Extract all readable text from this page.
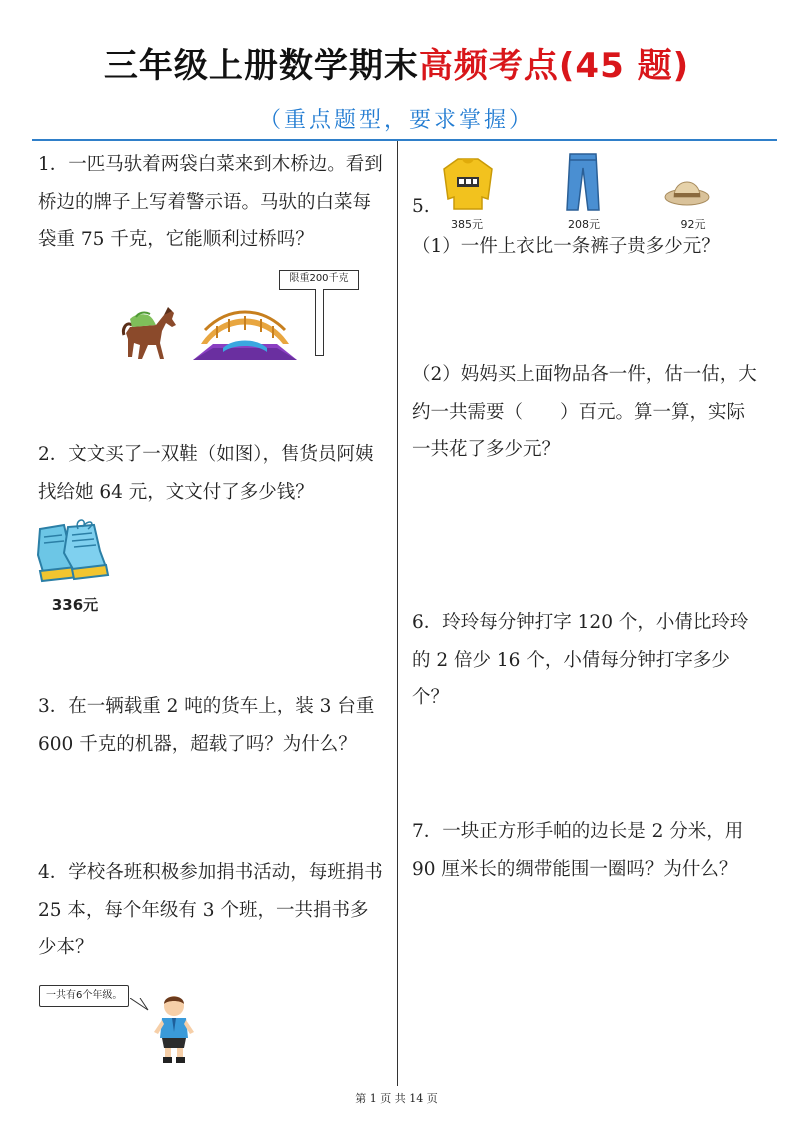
三年级上册数学期末高频考点(45 题)
（重点题型，要求掌握）
1．一匹马驮着两袋白菜来到木桥边。看到桥边的牌子上写着警示语。马驮的白菜每袋重 75 千克，它能顺利过桥吗？
限重200千克
2．文文买了一双鞋（如图），售货员阿姨找给她 64 元，文文付了多少钱？
336元
3．在一辆载重 2 吨的货车上，装 3 台重 600 千克的机器，超载了吗？为什么？
4．学校各班积极参加捐书活动，每班捐书 25 本，每个年级有 3 个班，一共捐书多少本？
一共有6个年级。
385元	208元	92元
5.
（1）一件上衣比一条裤子贵多少元？
（2）妈妈买上面物品各一件，估一估，大约一共需要（　　）百元。算一算，实际一共花了多少元？
6．玲玲每分钟打字 120 个，小倩比玲玲的 2 倍少 16 个，小倩每分钟打字多少个？
7．一块正方形手帕的边长是 2 分米，用 90 厘米长的绸带能围一圈吗？为什么？
第 1 页 共 14 页
